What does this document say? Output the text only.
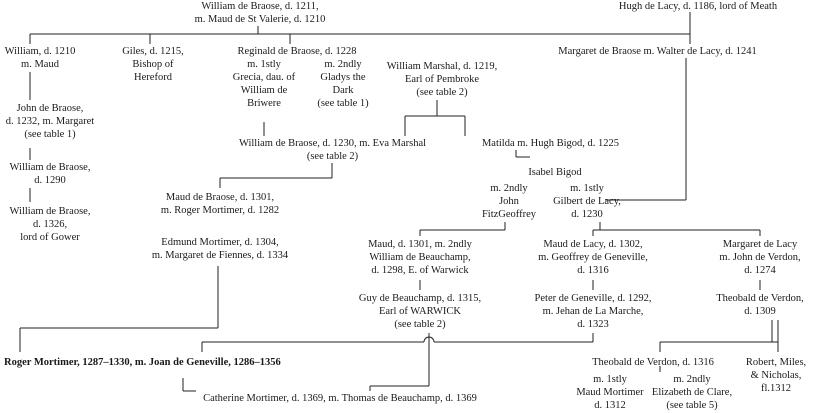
William de Braose, d. 1211,
m. Maud de St Valerie, d. 1210
Hugh de Lacy, d. 1186, lord of Meath
William, d. 1210
m. Maud
Giles, d. 1215,
Bishop of
Hereford
Reginald de Braose, d. 1228
m. 1stly
Grecia, dau. of
William de
Briwere
m. 2ndly
Gladys the
Dark
(see table 1)
William Marshal, d. 1219,
Earl of Pembroke
(see table 2)
Margaret de Braose m. Walter de Lacy, d. 1241
John de Braose,
d. 1232, m. Margaret
(see table 1)
William de Braose, d. 1230, m. Eva Marshal
(see table 2)
Matilda m. Hugh Bigod, d. 1225
William de Braose,
d. 1290
Isabel Bigod
m. 2ndly
John
FitzGeoffrey
m. 1stly
Gilbert de Lacy,
d. 1230
Maud de Braose, d. 1301,
m. Roger Mortimer, d. 1282
William de Braose,
d. 1326,
lord of Gower	Edmund Mortimer, d. 1304,
m. Margaret de Fiennes, d. 1334
Maud, d. 1301, m. 2ndly
William de Beauchamp,
d. 1298, E. of Warwick
Maud de Lacy, d. 1302,
m. Geoffrey de Geneville,
d. 1316
Margaret de Lacy
m. John de Verdon,
d. 1274
Guy de Beauchamp, d. 1315,
Earl of WARWICK
(see table 2)
Peter de Geneville, d. 1292,
m. Jehan de La Marche,
d. 1323
Theobald de Verdon,
d. 1309
Roger Mortimer, 1287–1330, m. Joan de Geneville, 1286–1356	Theobald de Verdon, d. 1316	Robert, Miles,
& Nicholas,
fl.1312
m. 1stly
Maud Mortimer
d. 1312
m. 2ndly
Elizabeth de Clare,
(see table 5)
Catherine Mortimer, d. 1369, m. Thomas de Beauchamp, d. 1369
